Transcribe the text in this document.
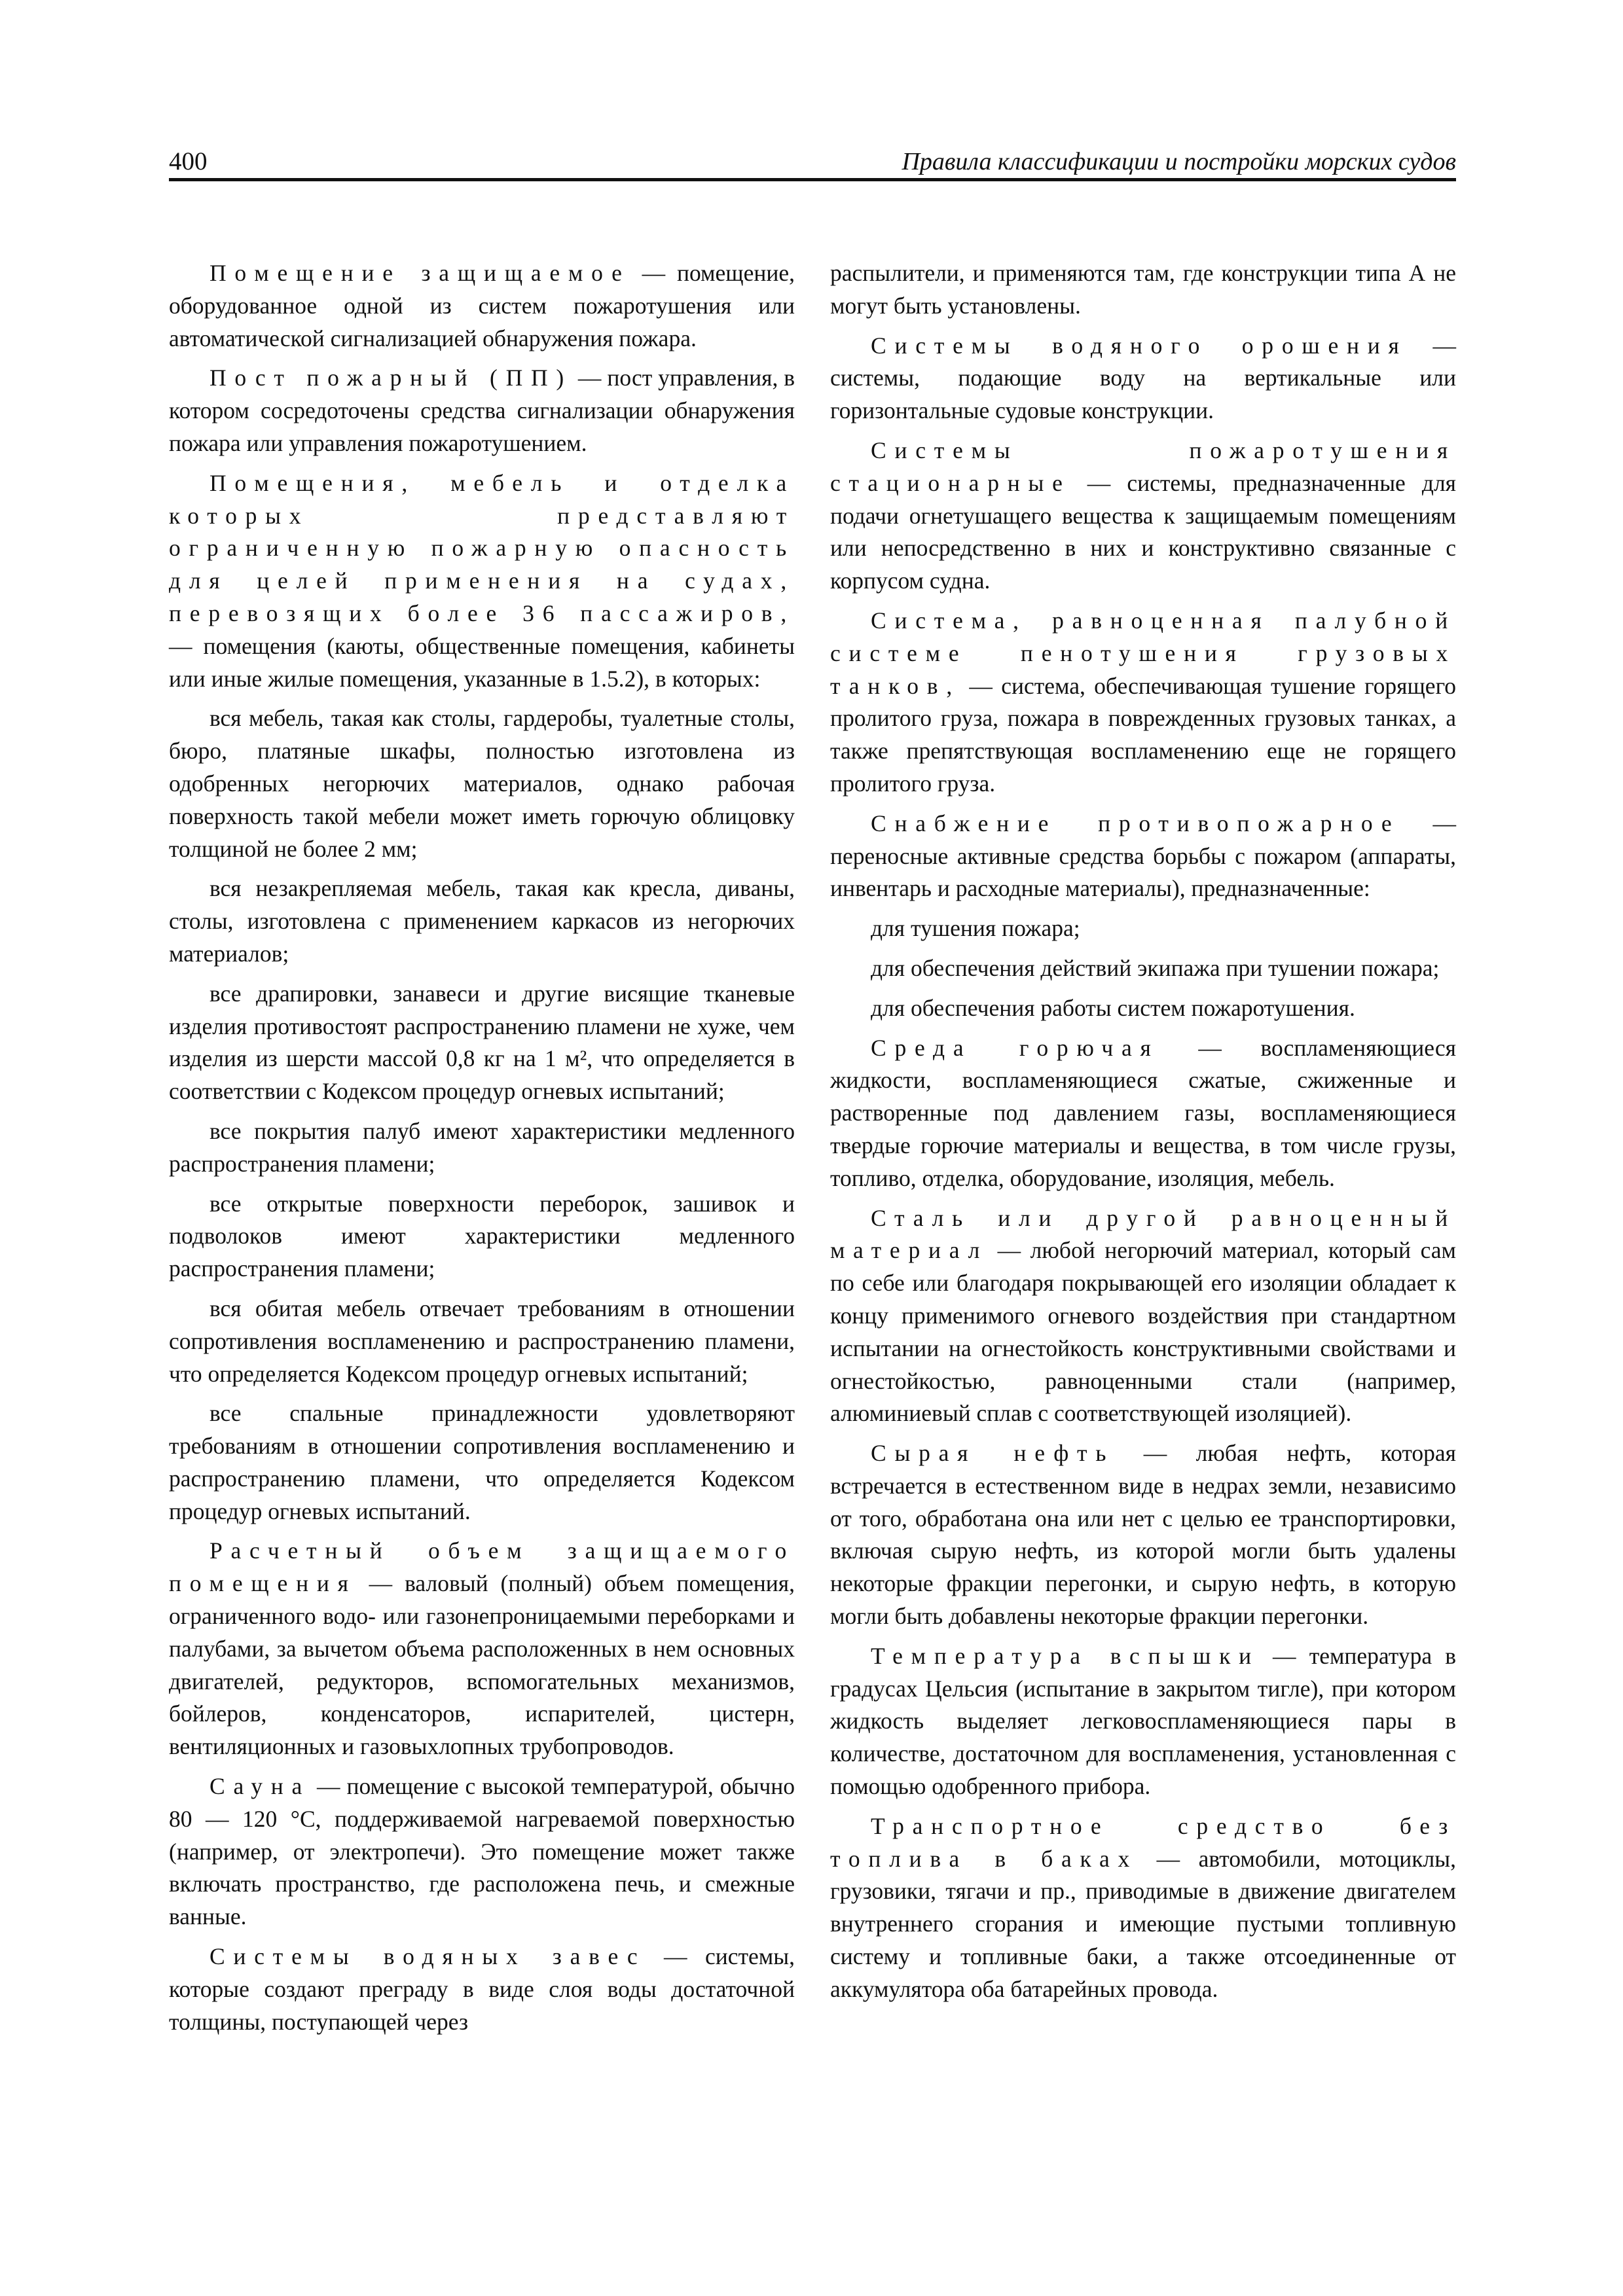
400	Правила классификации и постройки морских судов

Помещение защищаемое — помещение, оборудованное одной из систем пожаротушения или автоматической сигнализацией обнаружения пожара.

Пост пожарный (ПП) — пост управления, в котором сосредоточены средства сигнализации обнаружения пожара или управления пожаротушением.

Помещения, мебель и отделка которых представляют ограниченную пожарную опасность для целей применения на судах, перевозящих более 36 пассажиров, — помещения (каюты, общественные помещения, кабинеты или иные жилые помещения, указанные в 1.5.2), в которых:

вся мебель, такая как столы, гардеробы, туалетные столы, бюро, платяные шкафы, полностью изготовлена из одобренных негорючих материалов, однако рабочая поверхность такой мебели может иметь горючую облицовку толщиной не более 2 мм;

вся незакрепляемая мебель, такая как кресла, диваны, столы, изготовлена с применением каркасов из негорючих материалов;

все драпировки, занавеси и другие висящие тканевые изделия противостоят распространению пламени не хуже, чем изделия из шерсти массой 0,8 кг на 1 м², что определяется в соответствии с Кодексом процедур огневых испытаний;

все покрытия палуб имеют характеристики медленного распространения пламени;

все открытые поверхности переборок, зашивок и подволоков имеют характеристики медленного распространения пламени;

вся обитая мебель отвечает требованиям в отношении сопротивления воспламенению и распространению пламени, что определяется Кодексом процедур огневых испытаний;

все спальные принадлежности удовлетворяют требованиям в отношении сопротивления воспламенению и распространению пламени, что определяется Кодексом процедур огневых испытаний.

Расчетный объем защищаемого помещения — валовый (полный) объем помещения, ограниченного водо- или газонепроницаемыми переборками и палубами, за вычетом объема расположенных в нем основных двигателей, редукторов, вспомогательных механизмов, бойлеров, конденсаторов, испарителей, цистерн, вентиляционных и газовыхлопных трубопроводов.

Сауна — помещение с высокой температурой, обычно 80 — 120 °С, поддерживаемой нагреваемой поверхностью (например, от электропечи). Это помещение может также включать пространство, где расположена печь, и смежные ванные.

Системы водяных завес — системы, которые создают преграду в виде слоя воды достаточной толщины, поступающей через

распылители, и применяются там, где конструкции типа А не могут быть установлены.

Системы водяного орошения — системы, подающие воду на вертикальные или горизонтальные судовые конструкции.

Системы пожаротушения стационарные — системы, предназначенные для подачи огнетушащего вещества к защищаемым помещениям или непосредственно в них и конструктивно связанные с корпусом судна.

Система, равноценная палубной системе пенотушения грузовых танков, — система, обеспечивающая тушение горящего пролитого груза, пожара в поврежденных грузовых танках, а также препятствующая воспламенению еще не горящего пролитого груза.

Снабжение противопожарное — переносные активные средства борьбы с пожаром (аппараты, инвентарь и расходные материалы), предназначенные:

для тушения пожара;

для обеспечения действий экипажа при тушении пожара;

для обеспечения работы систем пожаротушения.

Среда горючая — воспламеняющиеся жидкости, воспламеняющиеся сжатые, сжиженные и растворенные под давлением газы, воспламеняющиеся твердые горючие материалы и вещества, в том числе грузы, топливо, отделка, оборудование, изоляция, мебель.

Сталь или другой равноценный материал — любой негорючий материал, который сам по себе или благодаря покрывающей его изоляции обладает к концу применимого огневого воздействия при стандартном испытании на огнестойкость конструктивными свойствами и огнестойкостью, равноценными стали (например, алюминиевый сплав с соответствующей изоляцией).

Сырая нефть — любая нефть, которая встречается в естественном виде в недрах земли, независимо от того, обработана она или нет с целью ее транспортировки, включая сырую нефть, из которой могли быть удалены некоторые фракции перегонки, и сырую нефть, в которую могли быть добавлены некоторые фракции перегонки.

Температура вспышки — температура в градусах Цельсия (испытание в закрытом тигле), при котором жидкость выделяет легковоспламеняющиеся пары в количестве, достаточном для воспламенения, установленная с помощью одобренного прибора.

Транспортное средство без топлива в баках — автомобили, мотоциклы, грузовики, тягачи и пр., приводимые в движение двигателем внутреннего сгорания и имеющие пустыми топливную систему и топливные баки, а также отсоединенные от аккумулятора оба батарейных провода.
